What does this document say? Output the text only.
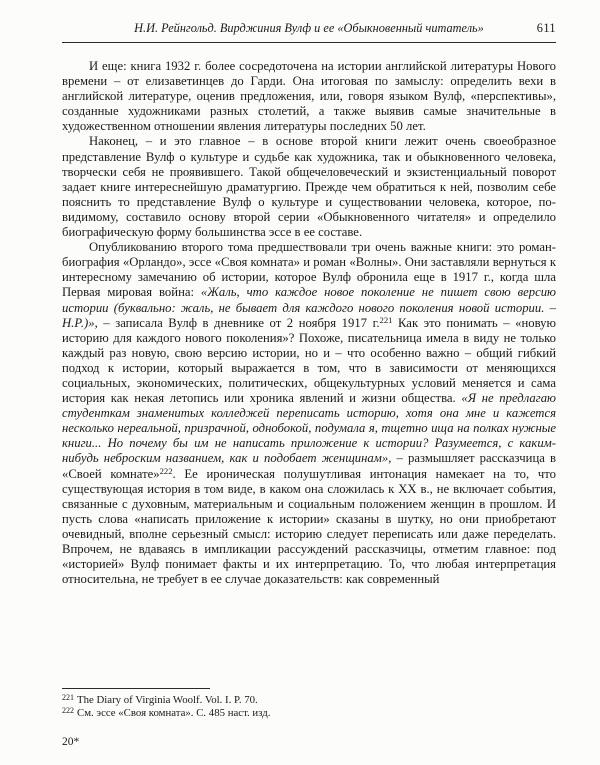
Н.И. Рейнгольд. Вирджиния Вулф и ее «Обыкновенный читатель»	611

И еще: книга 1932 г. более сосредоточена на истории английской литературы Нового времени – от елизаветинцев до Гарди. Она итоговая по замыслу: определить вехи в английской литературе, оценив предложения, или, говоря языком Вулф, «перспективы», созданные художниками разных столетий, а также выявив самые значительные в художественном отношении явления литературы последних 50 лет.

Наконец, – и это главное – в основе второй книги лежит очень своеобразное представление Вулф о культуре и судьбе как художника, так и обыкновенного человека, творчески себя не проявившего. Такой общечеловеческий и экзистенциальный поворот задает книге интереснейшую драматургию. Прежде чем обратиться к ней, позволим себе пояснить то представление Вулф о культуре и существовании человека, которое, по-видимому, составило основу второй серии «Обыкновенного читателя» и определило биографическую форму большинства эссе в ее составе.

Опубликованию второго тома предшествовали три очень важные книги: это роман-биография «Орландо», эссе «Своя комната» и роман «Волны». Они заставляли вернуться к интересному замечанию об истории, которое Вулф обронила еще в 1917 г., когда шла Первая мировая война: «Жаль, что каждое новое поколение не пишет свою версию истории (буквально: жаль, не бывает для каждого нового поколения новой истории. – Н.Р.)», – записала Вулф в дневнике от 2 ноября 1917 г.$^{221}$ Как это понимать – «новую историю для каждого нового поколения»? Похоже, писательница имела в виду не только каждый раз новую, свою версию истории, но и – что особенно важно – общий гибкий подход к истории, который выражается в том, что в зависимости от меняющихся социальных, экономических, политических, общекультурных условий меняется и сама история как некая летопись или хроника явлений и жизни общества. «Я не предлагаю студенткам знаменитых колледжей переписать историю, хотя она мне и кажется несколько нереальной, призрачной, однобокой, подумала я, тщетно ища на полках нужные книги... Но почему бы им не написать приложение к истории? Разумеется, с каким-нибудь неброским названием, как и подобает женщинам», – размышляет рассказчица в «Своей комнате»$^{222}$. Ее ироническая полушутливая интонация намекает на то, что существующая история в том виде, в каком она сложилась к ХХ в., не включает события, связанные с духовным, материальным и социальным положением женщин в прошлом. И пусть слова «написать приложение к истории» сказаны в шутку, но они приобретают очевидный, вполне серьезный смысл: историю следует переписать или даже переделать. Впрочем, не вдаваясь в импликации рассуждений рассказчицы, отметим главное: под «историей» Вулф понимает факты и их интерпретацию. То, что любая интерпретация относительна, не требует в ее случае доказательств: как современный

$^{221}$ The Diary of Virginia Woolf. Vol. I. P. 70.
$^{222}$ См. эссе «Своя комната». С. 485 наст. изд.
20*
